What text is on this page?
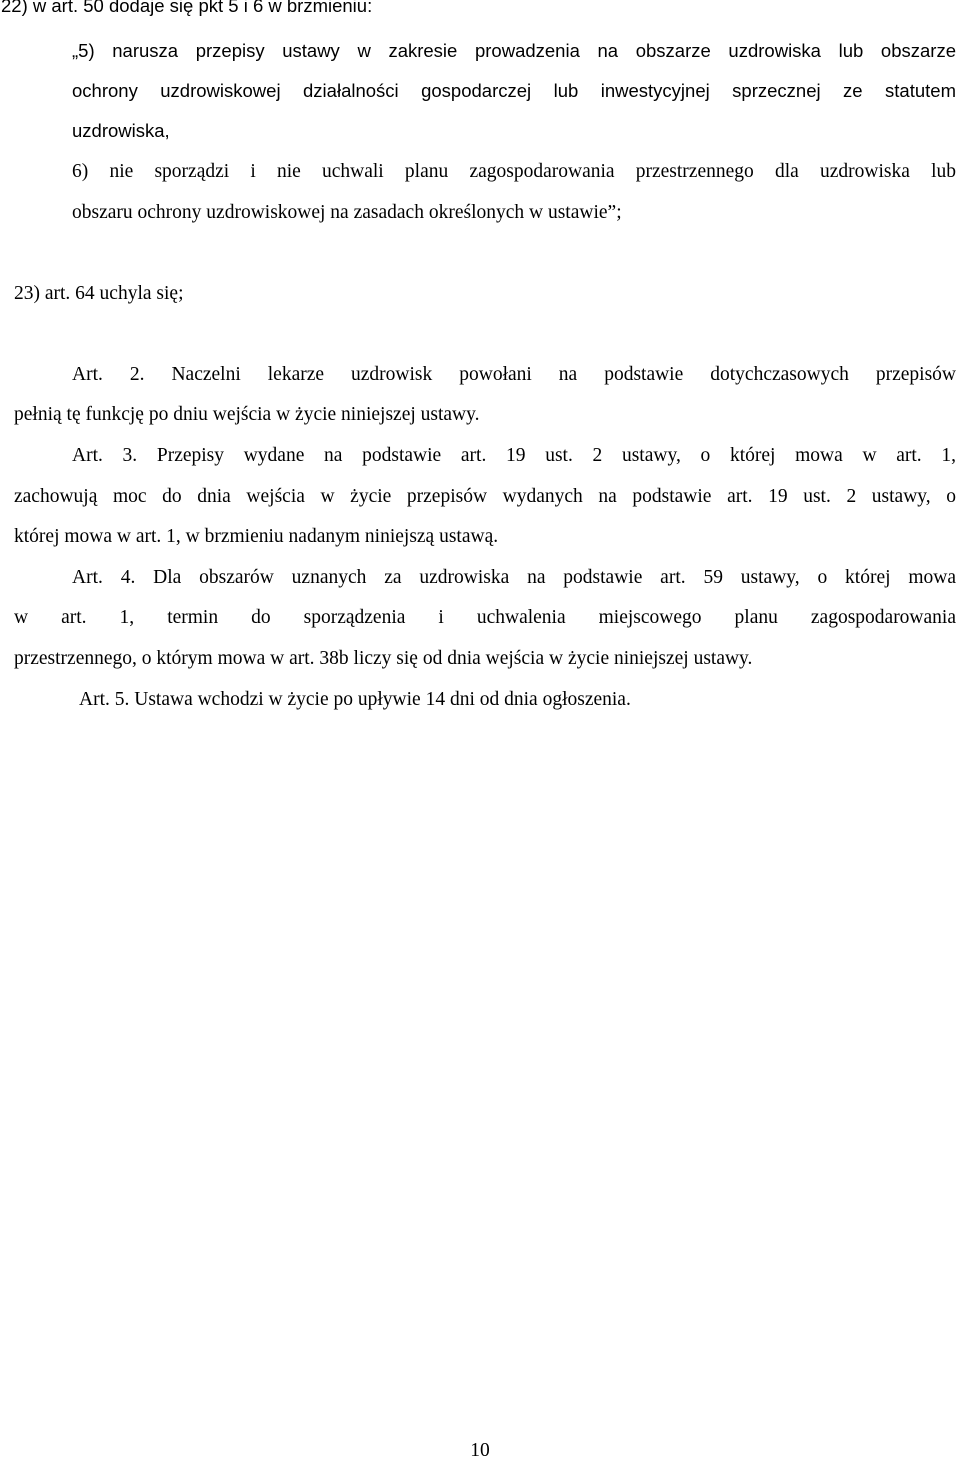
22) w art. 50 dodaje się pkt 5 i 6 w brzmieniu:

„5) narusza przepisy ustawy w zakresie prowadzenia na obszarze uzdrowiska lub obszarze

ochrony uzdrowiskowej działalności gospodarczej lub inwestycyjnej sprzecznej ze statutem

uzdrowiska,

6) nie sporządzi i nie uchwali planu zagospodarowania przestrzennego dla uzdrowiska lub

obszaru ochrony uzdrowiskowej na zasadach określonych w ustawie”;

23) art. 64 uchyla się;

Art. 2. Naczelni lekarze uzdrowisk powołani na podstawie dotychczasowych przepisów

pełnią tę funkcję po dniu wejścia w życie niniejszej ustawy.

Art. 3. Przepisy wydane na podstawie art. 19 ust. 2 ustawy, o której mowa w art. 1,

zachowują moc do dnia wejścia w życie przepisów wydanych na podstawie art. 19 ust. 2 ustawy, o

której mowa w art. 1, w brzmieniu nadanym niniejszą ustawą.

Art. 4. Dla obszarów uznanych za uzdrowiska na podstawie art. 59 ustawy, o której mowa

w art. 1, termin do sporządzenia i uchwalenia miejscowego planu zagospodarowania

przestrzennego, o którym mowa w art. 38b liczy się od dnia wejścia w życie niniejszej ustawy.

Art. 5. Ustawa wchodzi w życie po upływie 14 dni od dnia ogłoszenia.

10
